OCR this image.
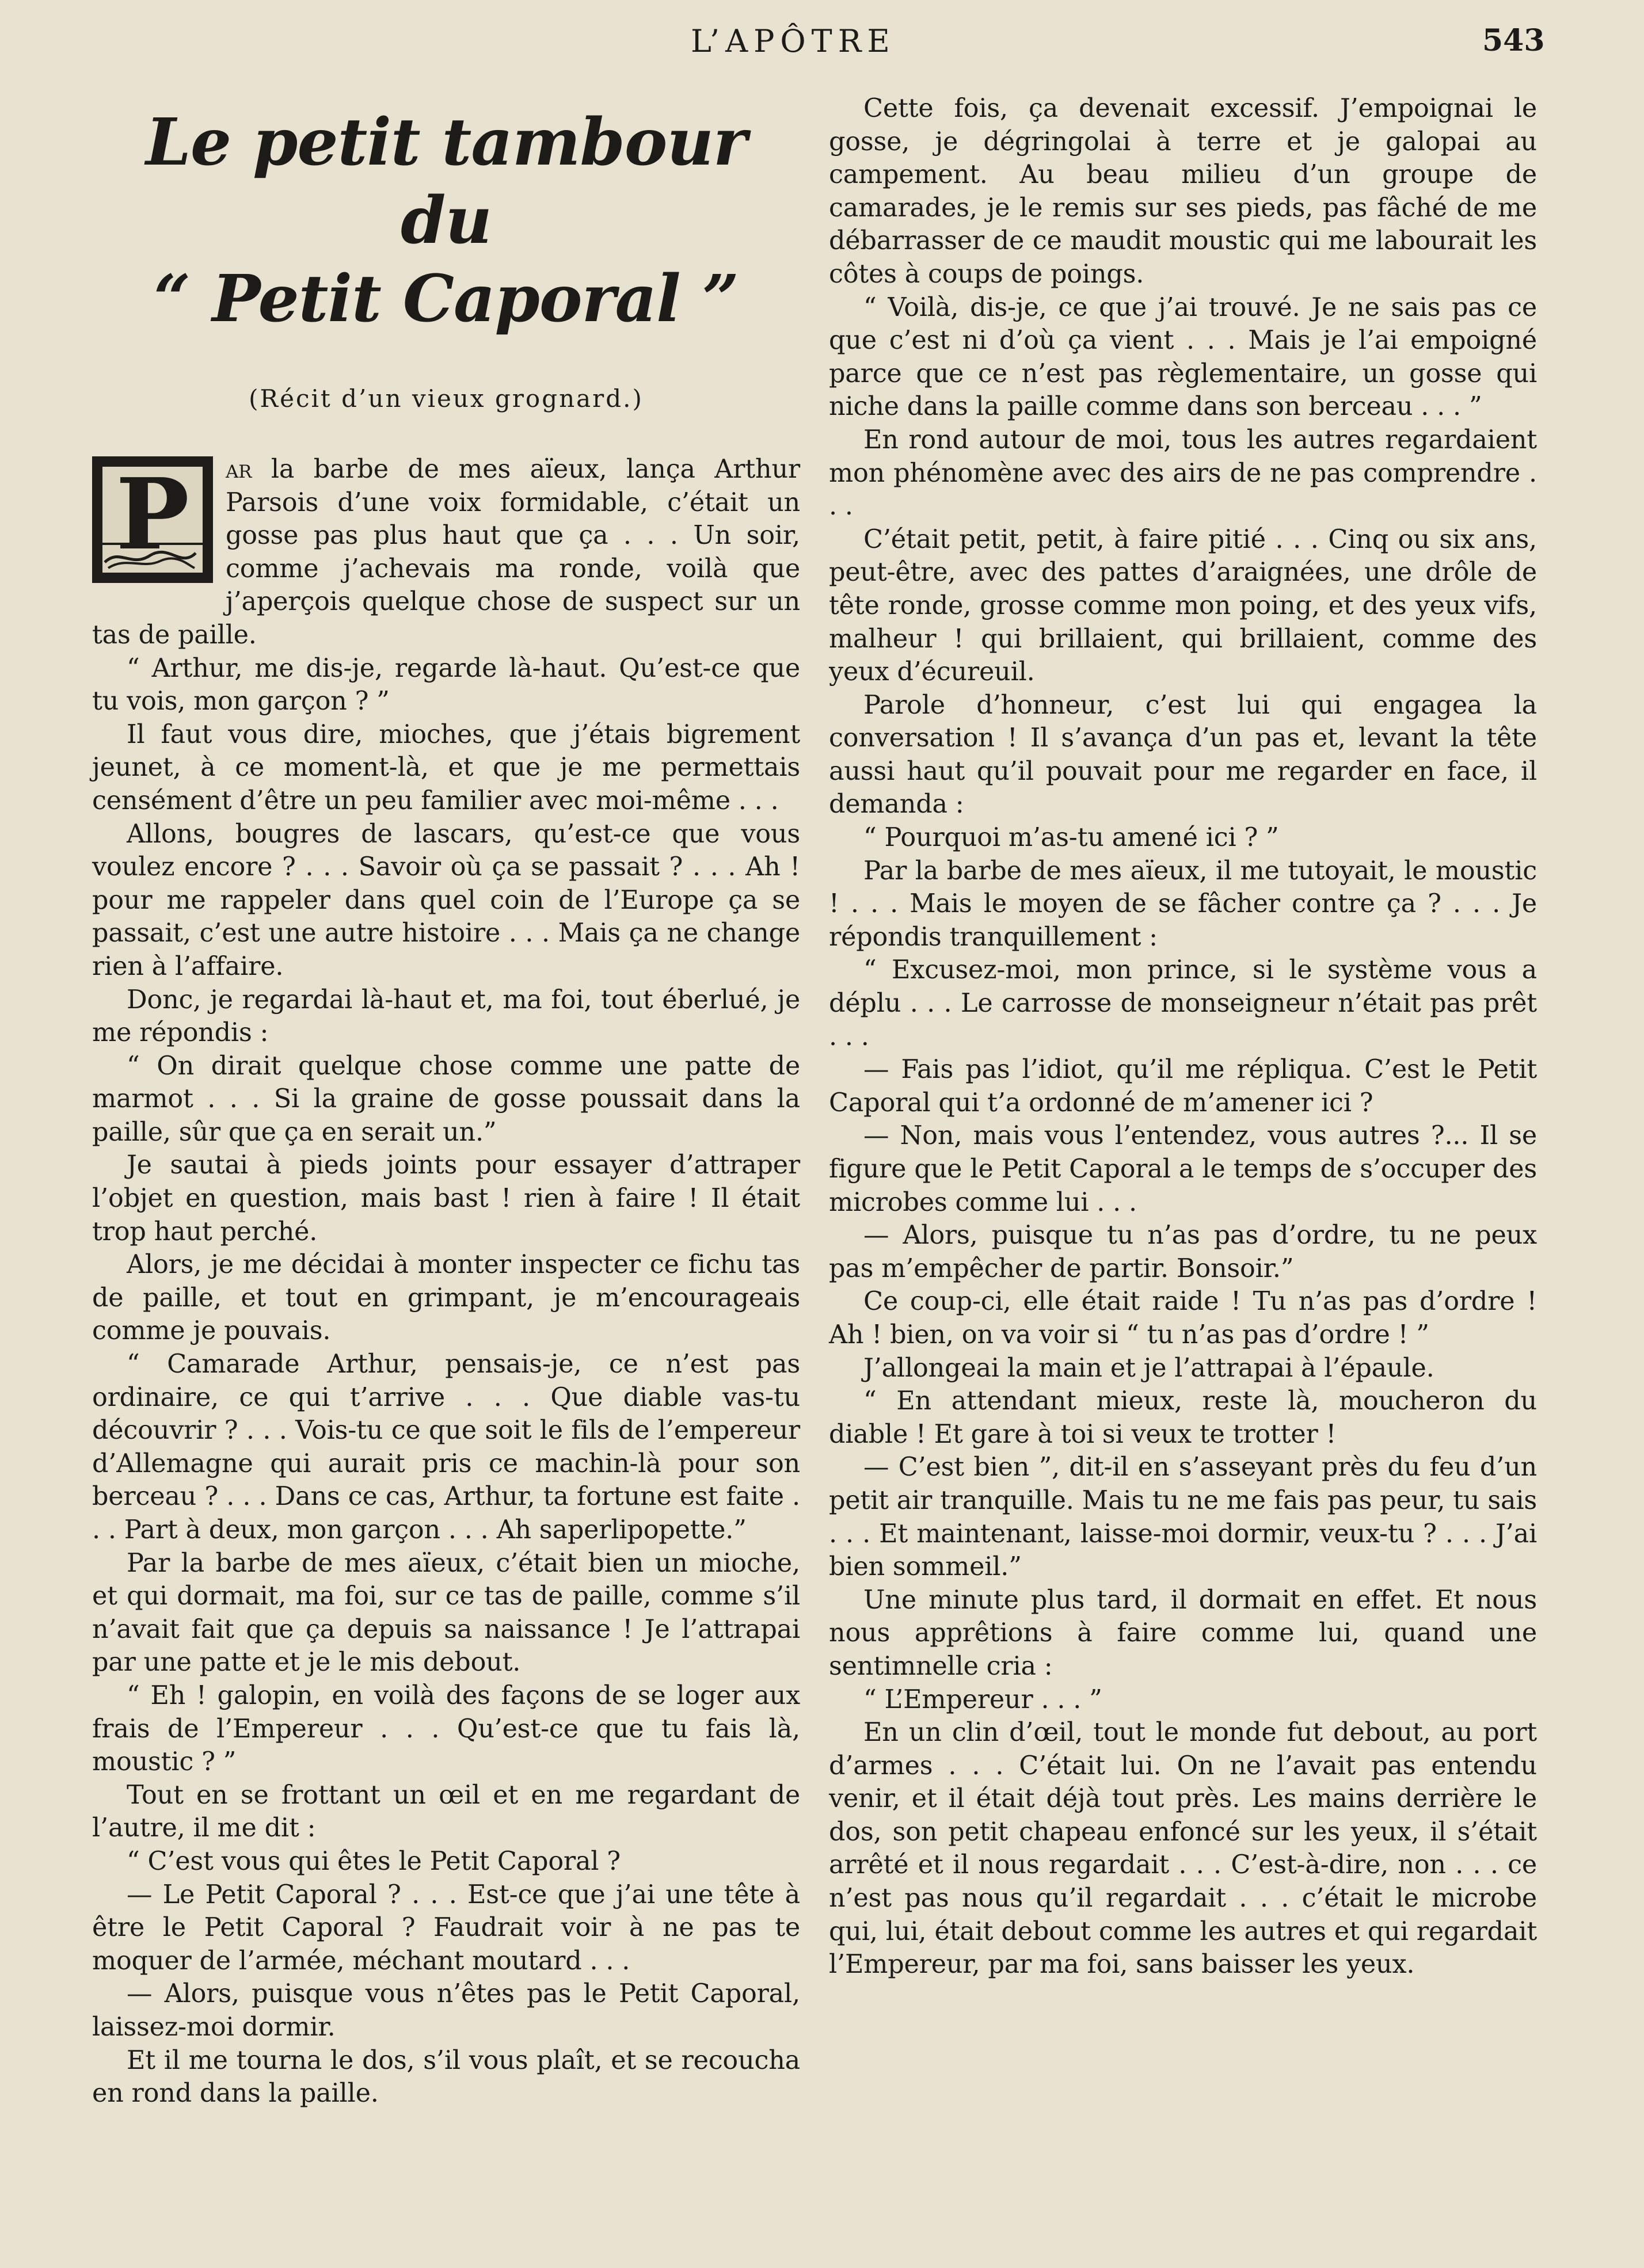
L’APÔTRE	543
Le petit tambour du
“ Petit Caporal ”
(Récit d’un vieux grognard.)
P	ar la barbe de mes aïeux, lança Arthur Parsois d’une voix formidable, c’était un gosse pas plus haut que ça . . . Un soir, comme j’achevais ma ronde, voilà que j’aperçois quelque chose de suspect sur un tas de paille.

“ Arthur, me dis-je, regarde là-haut. Qu’est-ce que tu vois, mon garçon ? ”

Il faut vous dire, mioches, que j’étais bigrement jeunet, à ce moment-là, et que je me permettais censément d’être un peu familier avec moi-même . . .

Allons, bougres de lascars, qu’est-ce que vous voulez encore ? . . . Savoir où ça se passait ? . . . Ah ! pour me rappeler dans quel coin de l’Europe ça se passait, c’est une autre histoire . . . Mais ça ne change rien à l’affaire.

Donc, je regardai là-haut et, ma foi, tout éberlué, je me répondis :

“ On dirait quelque chose comme une patte de marmot . . . Si la graine de gosse poussait dans la paille, sûr que ça en serait un.”

Je sautai à pieds joints pour essayer d’attraper l’objet en question, mais bast ! rien à faire ! Il était trop haut perché.

Alors, je me décidai à monter inspecter ce fichu tas de paille, et tout en grimpant, je m’encourageais comme je pouvais.

“ Camarade Arthur, pensais-je, ce n’est pas ordinaire, ce qui t’arrive . . . Que diable vas-tu découvrir ? . . . Vois-tu ce que soit le fils de l’empereur d’Allemagne qui aurait pris ce machin-là pour son berceau ? . . . Dans ce cas, Arthur, ta fortune est faite . . . Part à deux, mon garçon . . . Ah saperlipopette.”

Par la barbe de mes aïeux, c’était bien un mioche, et qui dormait, ma foi, sur ce tas de paille, comme s’il n’avait fait que ça depuis sa naissance ! Je l’attrapai par une patte et je le mis debout.

“ Eh ! galopin, en voilà des façons de se loger aux frais de l’Empereur . . . Qu’est-ce que tu fais là, moustic ? ”

Tout en se frottant un œil et en me regardant de l’autre, il me dit :

“ C’est vous qui êtes le Petit Caporal ?

— Le Petit Caporal ? . . . Est-ce que j’ai une tête à être le Petit Caporal ? Faudrait voir à ne pas te moquer de l’armée, méchant moutard . . .

— Alors, puisque vous n’êtes pas le Petit Caporal, laissez-moi dormir.

Et il me tourna le dos, s’il vous plaît, et se recoucha en rond dans la paille.

Cette fois, ça devenait excessif. J’empoignai le gosse, je dégringolai à terre et je galopai au campement. Au beau milieu d’un groupe de camarades, je le remis sur ses pieds, pas fâché de me débarrasser de ce maudit moustic qui me labourait les côtes à coups de poings.

“ Voilà, dis-je, ce que j’ai trouvé. Je ne sais pas ce que c’est ni d’où ça vient . . . Mais je l’ai empoigné parce que ce n’est pas règlementaire, un gosse qui niche dans la paille comme dans son berceau . . . ”

En rond autour de moi, tous les autres regardaient mon phénomène avec des airs de ne pas comprendre . . .

C’était petit, petit, à faire pitié . . . Cinq ou six ans, peut-être, avec des pattes d’araignées, une drôle de tête ronde, grosse comme mon poing, et des yeux vifs, malheur ! qui brillaient, qui brillaient, comme des yeux d’écureuil.

Parole d’honneur, c’est lui qui engagea la conversation ! Il s’avança d’un pas et, levant la tête aussi haut qu’il pouvait pour me regarder en face, il demanda :

“ Pourquoi m’as-tu amené ici ? ”

Par la barbe de mes aïeux, il me tutoyait, le moustic ! . . . Mais le moyen de se fâcher contre ça ? . . . Je répondis tranquillement :

“ Excusez-moi, mon prince, si le système vous a déplu . . . Le carrosse de monseigneur n’était pas prêt . . .

— Fais pas l’idiot, qu’il me répliqua. C’est le Petit Caporal qui t’a ordonné de m’amener ici ?

— Non, mais vous l’entendez, vous autres ?... Il se figure que le Petit Caporal a le temps de s’occuper des microbes comme lui . . .

— Alors, puisque tu n’as pas d’ordre, tu ne peux pas m’empêcher de partir. Bonsoir.”

Ce coup-ci, elle était raide ! Tu n’as pas d’ordre ! Ah ! bien, on va voir si “ tu n’as pas d’ordre ! ”

J’allongeai la main et je l’attrapai à l’épaule.

“ En attendant mieux, reste là, moucheron du diable ! Et gare à toi si veux te trotter !

— C’est bien ”, dit-il en s’asseyant près du feu d’un petit air tranquille. Mais tu ne me fais pas peur, tu sais . . . Et maintenant, laisse-moi dormir, veux-tu ? . . . J’ai bien sommeil.”

Une minute plus tard, il dormait en effet. Et nous nous apprêtions à faire comme lui, quand une sentimnelle cria :

“ L’Empereur . . . ”

En un clin d’œil, tout le monde fut debout, au port d’armes . . . C’était lui. On ne l’avait pas entendu venir, et il était déjà tout près. Les mains derrière le dos, son petit chapeau enfoncé sur les yeux, il s’était arrêté et il nous regardait . . . C’est-à-dire, non . . . ce n’est pas nous qu’il regardait . . . c’était le microbe qui, lui, était debout comme les autres et qui regardait l’Empereur, par ma foi, sans baisser les yeux.
